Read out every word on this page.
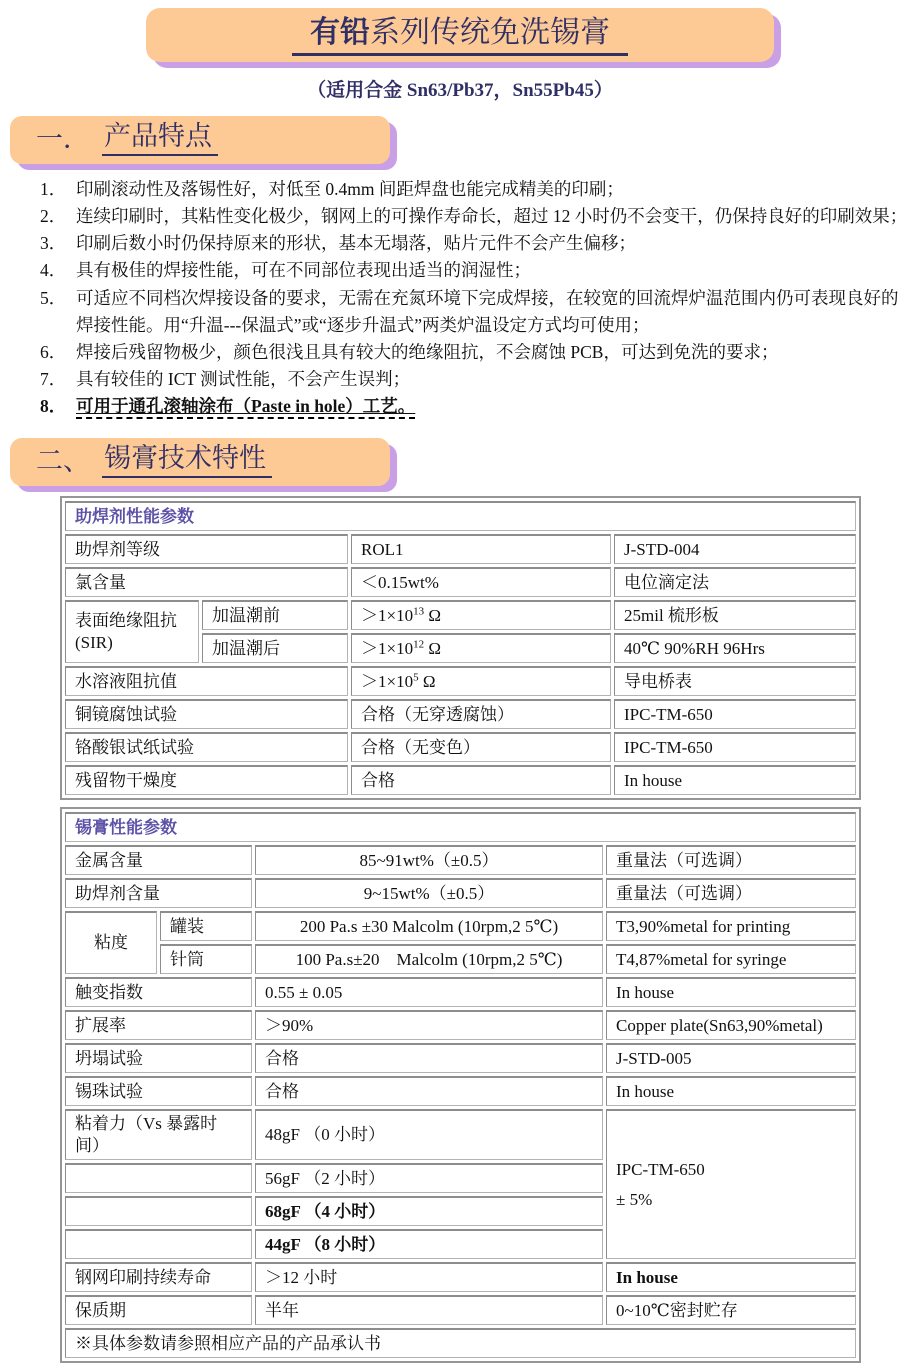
有铅系列传统免洗锡膏
（适用合金 Sn63/Pb37，Sn55Pb45）
一． 产品特点
1． 印刷滚动性及落锡性好，对低至 0.4mm 间距焊盘也能完成精美的印刷；
2． 连续印刷时，其粘性变化极少，钢网上的可操作寿命长，超过 12 小时仍不会变干，仍保持良好的印刷效果；
3． 印刷后数小时仍保持原来的形状，基本无塌落，贴片元件不会产生偏移；
4． 具有极佳的焊接性能，可在不同部位表现出适当的润湿性；
5． 可适应不同档次焊接设备的要求，无需在充氮环境下完成焊接，在较宽的回流焊炉温范围内仍可表现良好的焊接性能。用“升温---保温式”或“逐步升温式”两类炉温设定方式均可使用；
6． 焊接后残留物极少，颜色很浅且具有较大的绝缘阻抗，不会腐蚀 PCB，可达到免洗的要求；
7． 具有较佳的 ICT 测试性能，不会产生误判；
8． 可用于通孔滚轴涂布（Paste in hole）工艺。
二、 锡膏技术特性
助焊剂性能参数			
助焊剂等级		ROL1	J-STD-004
氯含量		＜0.15wt%	电位滴定法

表面绝缘阻抗
(SIR)	加温潮前	$>1\times 10^{13}$ Ω	25mil 梳形板
	加温潮后	$>1\times 10^{12}$ Ω	40℃ 90%RH 96Hrs
水溶液阻抗值		$>1\times 10^5$ Ω	导电桥表
铜镜腐蚀试验		合格（无穿透腐蚀）	IPC-TM-650
铬酸银试纸试验		合格（无变色）	IPC-TM-650
残留物干燥度		合格	In house
锡膏性能参数			
金属含量		85~91wt%（±0.5）	重量法（可选调）
助焊剂含量		9~15wt%（±0.5）	重量法（可选调）
粘度	罐装	200 Pa.s ±30 Malcolm (10rpm,2 5℃)	T3,90%metal for printing
	针筒	100 Pa.s±20　Malcolm (10rpm,2 5℃)	T4,87%metal for syringe
触变指数		0.55 ± 0.05	In house
扩展率		＞90%	Copper plate(Sn63,90%metal)
坍塌试验		合格	J-STD-005
锡珠试验		合格	In house
粘着力（Vs 暴露时间）		48gF （0 小时）	IPC-TM-650
± 5%

		56gF （2 小时）	
		68gF （4 小时）	
		44gF （8 小时）	
钢网印刷持续寿命		＞12 小时	In house
保质期		半年	0~10℃密封贮存
※具体参数请参照相应产品的产品承认书			
